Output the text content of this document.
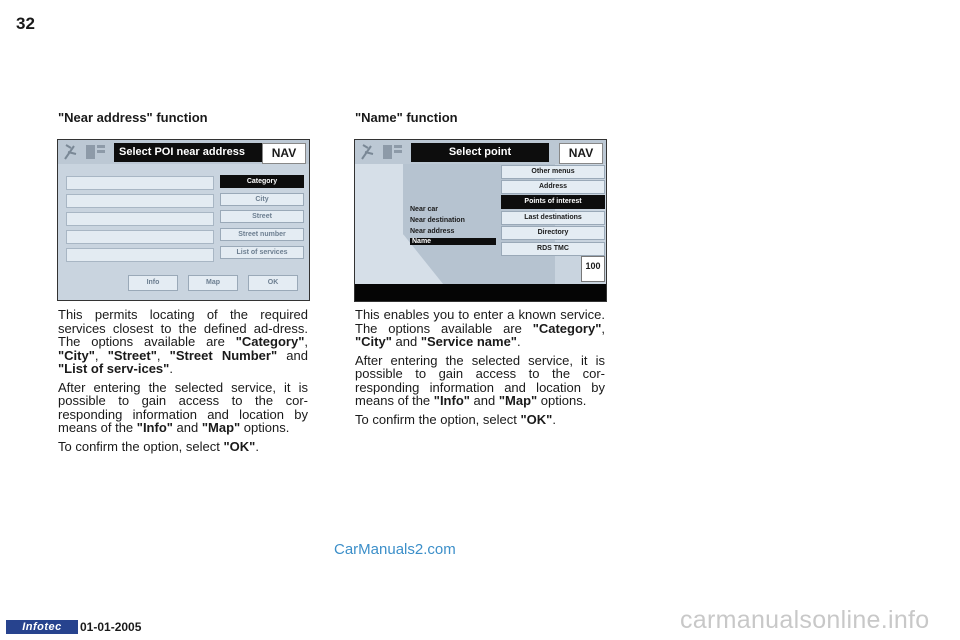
32
"Near address" function
Select POI near address	NAV
Category
City
Street
Street number
List of services
Info	Map	OK

This permits locating of the required services closest to the defined ad-dress. The options available are "Category", "City", "Street", "Street Number" and "List of serv-ices".

After entering the selected service, it is possible to gain access to the cor-responding information and location by means of the "Info" and "Map" options.

To confirm the option, select "OK".

"Name" function
Select point	NAV
Near car
Near destination
Near address
Name
Other menus
Address
Points of interest
Last destinations
Directory
RDS TMC
100

This enables you to enter a known service. The options available are "Category", "City" and "Service name".

After entering the selected service, it is possible to gain access to the cor-responding information and location by means of the "Info" and "Map" options.

To confirm the option, select "OK".

CarManuals2.com
Infotec	01-01-2005	carmanualsonline.info
